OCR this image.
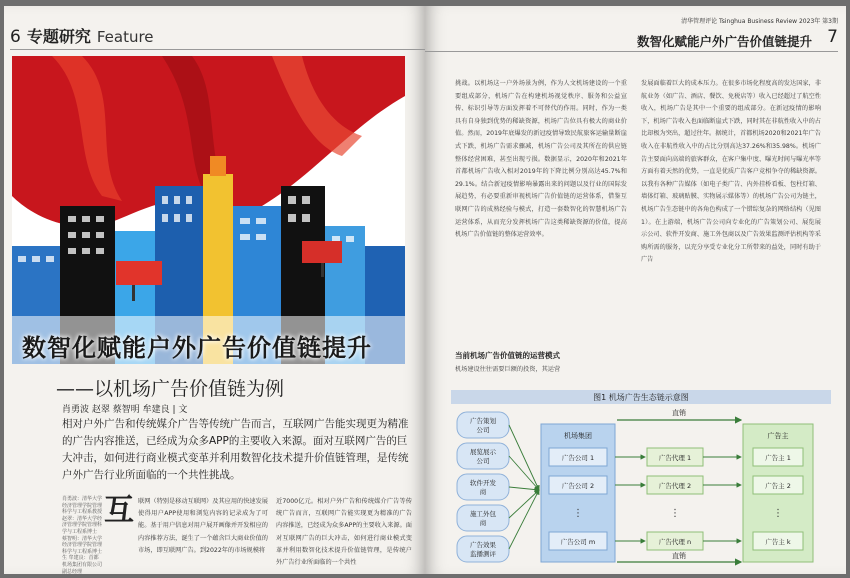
6 专题研究 Feature
数智化赋能户外广告价值链提升
——以机场广告价值链为例
肖勇波 赵翠 蔡智明 牟建良 | 文
相对户外广告和传统媒介广告等传统广告而言，互联网广告能实现更为精准的广告内容推送，已经成为众多APP的主要收入来源。面对互联网广告的巨大冲击，如何进行商业模式变革并利用数智化技术提升价值链管理，是传统户外广告行业所面临的一个共性挑战。
肖勇波：清华大学经济管理学院管理科学与工程系教授 赵翠：清华大学经济管理学院管理科学与工程系博士 蔡智明：清华大学经济管理学院管理科学与工程系博士生 牟建良：首都机场集团有限公司副总经理
互 联网（特别是移动互联网）及其应用的快速发展使得用户APP使用和浏览内容的记录成为了可能。基于用户信息对用户展开画像并开发相应的内容推荐方法，诞生了一个蕴含巨大商业价值的市场，即互联网广告。到2022年的市场规模将
近7000亿元。相对户外广告和传统媒介广告等传统广告而言，互联网广告能实现更为精准的广告内容推送，已经成为众多APP的主要收入来源。面对互联网广告的巨大冲击，如何进行商业模式变革并利用数智化技术提升价值链管理，是传统户外广告行业所面临的一个共性
清华管理评论 Tsinghua Business Review 2023年 第3期
数智化赋能户外广告价值链提升 7
挑战。以机场这一户外场景为例，作为人文机场建设的一个重要组成部分，机场广告在构建机场视觉秩序、服务和公益宣传、标识引导等方面发挥着不可替代的作用。同时，作为一类具有自身独到优势的稀缺资源，机场广告位具有极大的商业价值。然而，2019年底爆发的新冠疫情导致民航旅客运输量断崖式下跌，机场广告需求骤减，机场广告公司及其所在的供应链整体经营困难，甚至出现亏损。数据显示，2020年和2021年首都机场广告收入相对2019年的下降比例分别高达45.7%和29.1%。结合新冠疫情影响暴露出来的问题以及行业的国际发展趋势，有必要重新审视机场广告价值链的运营体系，借鉴互联网广告的成熟经验与模式，打造一套数智化的智慧机场广告运营体系，从而充分发挥机场广告这类稀缺资源的价值，提高机场广告价值链的整体运营效率。
发展面临着巨大的成本压力。在很多市场化程度高的发达国家，非航业务（如广告、酒店、餐饮、免税店等）收入已经超过了航空性收入，机场广告是其中一个重要的组成部分。在新冠疫情的影响下，机场广告收入也面临断崖式下跌，同时其在非航性收入中的占比却极为突出，超过往年。据统计，首都机场2020和2021年广告收入在非航性收入中的占比分别高达37.26%和35.98%。机场广告主要面向高端的旅客群众，在客户集中度、曝光时间与曝光率等方面有着天然的优势，一直是优质广告客户竞相争夺的稀缺资源。以我有各种广告媒体（如电子类广告、内外挂桥看板、包柱灯箱、墙体灯箱、玻璃贴膜、实物展示媒体等）的机场广告公司为链主，机场广告生态链中的各角色构成了一个错综复杂的网络结构（见图1）。在上游端，机场广告公司向专业化的广告策划公司、展览展示公司、软件开发商、施工外包商以及广告效果监测评估机构等采购所需的服务，以充分享受专业化分工所带来的益处，同时有助于广告
当前机场广告价值链的运营模式
机场建设往往需要巨额的投资，其运营
图1 机场广告生态链示意图
广告策划
公司
展览展示
公司
软件开发
商
施工外包
商
广告效果
监播测评
机场集团
广告公司 1
广告公司 2
⋮
广告公司 m
广告代理 1
广告代理 2
⋮
广告代理 n
广告主
广告主 1
广告主 2
⋮
广告主 k
直销
直销
